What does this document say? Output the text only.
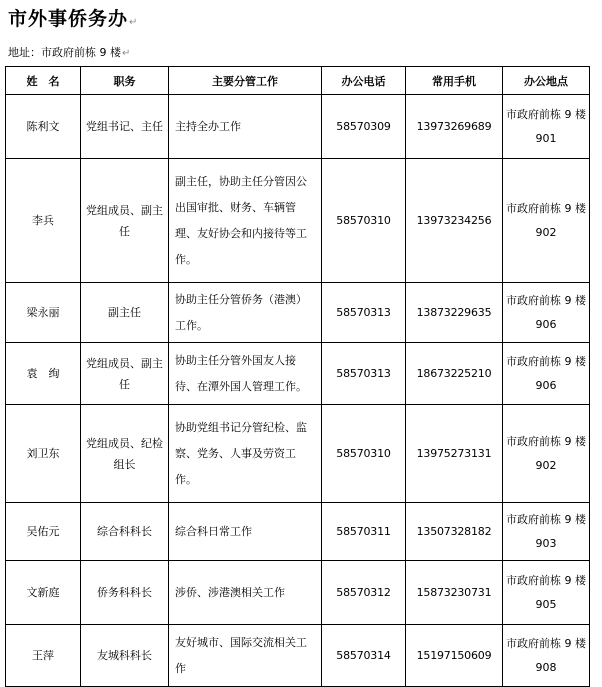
市外事侨务办↵
地址：市政府前栋 9 楼↵
姓　名	职务	主要分管工作	办公电话	常用手机	办公地点
陈利文	党组书记、主任	主持全办工作	58570309	13973269689	市政府前栋 9 楼 901
李兵	党组成员、副主任	副主任，协助主任分管因公出国审批、财务、车辆管理、友好协会和内接待等工作。	58570310	13973234256	市政府前栋 9 楼 902
梁永丽	副主任	协助主任分管侨务（港澳）工作。	58570313	13873229635	市政府前栋 9 楼 906
袁　绚	党组成员、副主任	协助主任分管外国友人接待、在潭外国人管理工作。	58570313	18673225210	市政府前栋 9 楼 906
刘卫东	党组成员、纪检组长	协助党组书记分管纪检、监察、党务、人事及劳资工作。	58570310	13975273131	市政府前栋 9 楼 902
吴佑元	综合科科长	综合科日常工作	58570311	13507328182	市政府前栋 9 楼 903
文新庭	侨务科科长	涉侨、涉港澳相关工作	58570312	15873230731	市政府前栋 9 楼 905
王萍	友城科科长	友好城市、国际交流相关工作	58570314	15197150609	市政府前栋 9 楼 908
